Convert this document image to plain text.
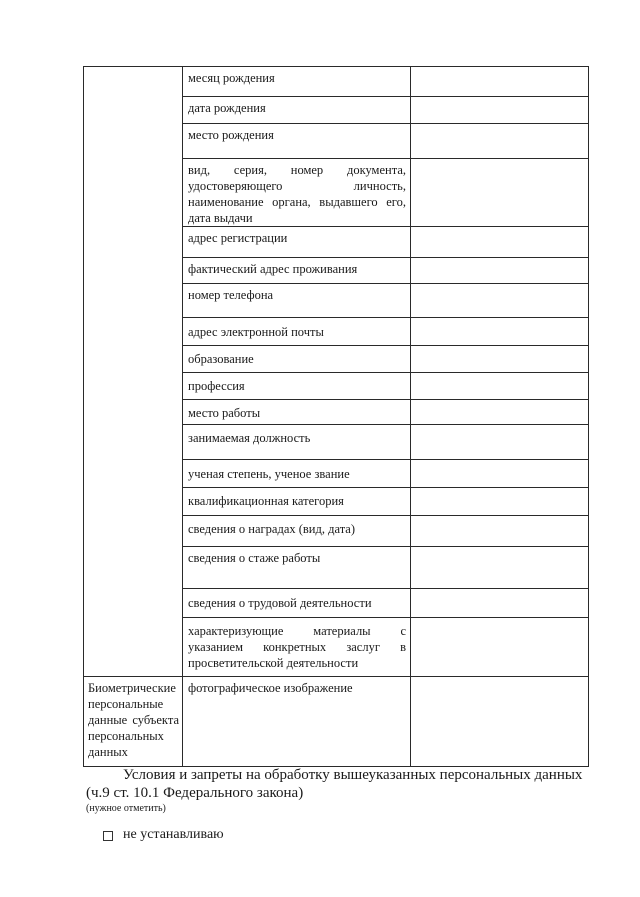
	месяц рождения	

	дата рождения	

	место рождения	

	вид, серия, номер документа, удостоверяющего личность, наименование органа, выдавшего его, дата выдачи	

	адрес регистрации	

	фактический адрес проживания	

	номер телефона	

	адрес электронной почты	

	образование	

	профессия	

	место работы	

	занимаемая должность	

	ученая степень, ученое звание	

	квалификационная категория	

	сведения о наградах (вид, дата)	

	сведения о стаже работы	

	сведения о трудовой деятельности	

	характеризующие материалы с указанием конкретных заслуг в просветительской деятельности	

Биометрические персональные данные субъекта персональных данных	фотографическое изображение	

Условия и запреты на обработку вышеуказанных персональных данных (ч.9 ст. 10.1 Федерального закона)
(нужное отметить)
не устанавливаю
